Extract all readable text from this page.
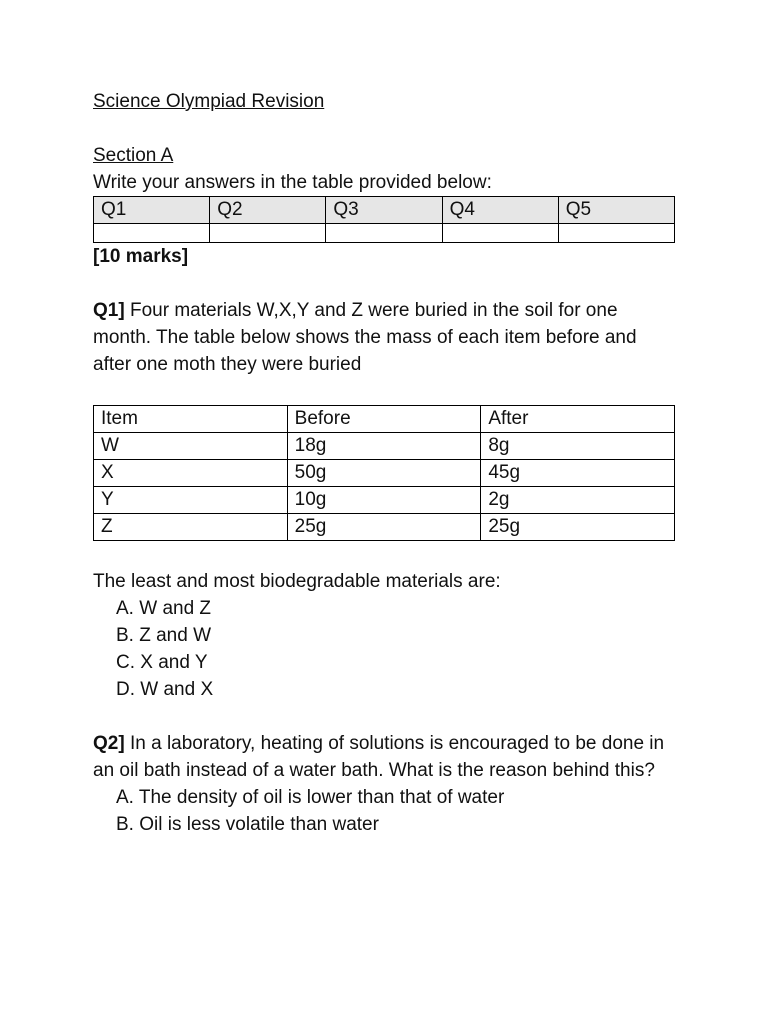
Science Olympiad Revision

Section A
Write your answers in the table provided below:
Q1	Q2	Q3	Q4	Q5

[10 marks]
Q1] Four materials W,X,Y and Z were buried in the soil for one month. The table below shows the mass of each item before and after one moth they were buried
Item	Before	After
W	18g	8g
X	50g	45g
Y	10g	2g
Z	25g	25g
The least and most biodegradable materials are:
A. W and Z
B. Z and W
C. X and Y
D. W and X
Q2] In a laboratory, heating of solutions is encouraged to be done in an oil bath instead of a water bath. What is the reason behind this?
A. The density of oil is lower than that of water
B. Oil is less volatile than water
